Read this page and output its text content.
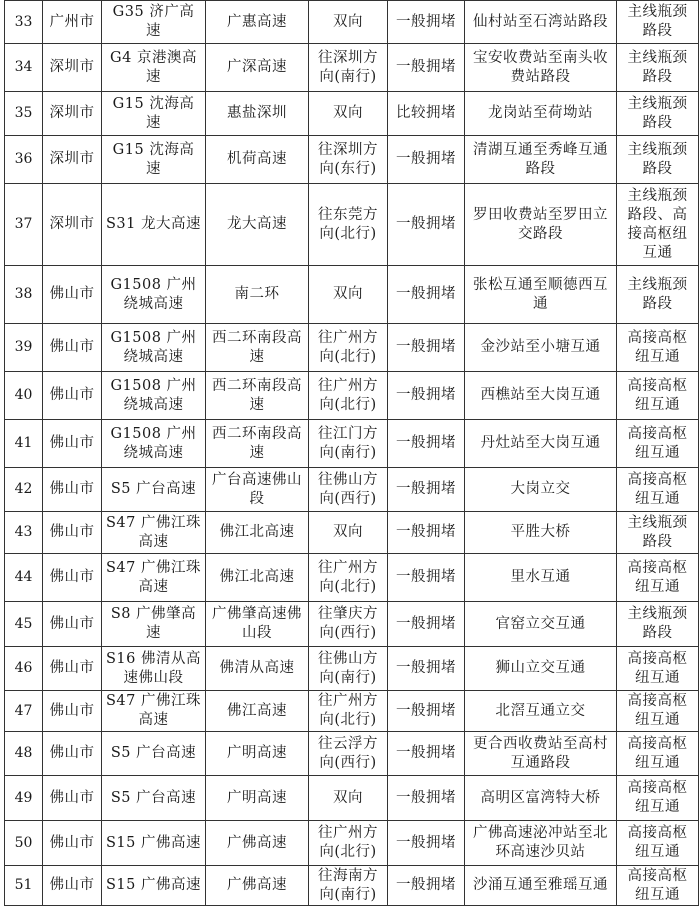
33	广州市	G35 济广高速	广惠高速	双向	一般拥堵	仙村站至石湾站路段	主线瓶颈路段
34	深圳市	G4 京港澳高速	广深高速	往深圳方向(南行)	一般拥堵	宝安收费站至南头收费站路段	主线瓶颈路段
35	深圳市	G15 沈海高速	惠盐深圳	双向	比较拥堵	龙岗站至荷坳站	主线瓶颈路段
36	深圳市	G15 沈海高速	机荷高速	往深圳方向(东行)	一般拥堵	清湖互通至秀峰互通路段	主线瓶颈路段
37	深圳市	S31 龙大高速	龙大高速	往东莞方向(北行)	一般拥堵	罗田收费站至罗田立交路段	主线瓶颈路段、高接高枢纽互通
38	佛山市	G1508 广州绕城高速	南二环	双向	一般拥堵	张松互通至顺德西互通	主线瓶颈路段
39	佛山市	G1508 广州绕城高速	西二环南段高速	往广州方向(北行)	一般拥堵	金沙站至小塘互通	高接高枢纽互通
40	佛山市	G1508 广州绕城高速	西二环南段高速	往广州方向(北行)	一般拥堵	西樵站至大岗互通	高接高枢纽互通
41	佛山市	G1508 广州绕城高速	西二环南段高速	往江门方向(南行)	一般拥堵	丹灶站至大岗互通	高接高枢纽互通
42	佛山市	S5 广台高速	广台高速佛山段	往佛山方向(西行)	一般拥堵	大岗立交	高接高枢纽互通
43	佛山市	S47 广佛江珠高速	佛江北高速	双向	一般拥堵	平胜大桥	主线瓶颈路段
44	佛山市	S47 广佛江珠高速	佛江北高速	往广州方向(北行)	一般拥堵	里水互通	高接高枢纽互通
45	佛山市	S8 广佛肇高速	广佛肇高速佛山段	往肇庆方向(西行)	一般拥堵	官窑立交互通	主线瓶颈路段
46	佛山市	S16 佛清从高速佛山段	佛清从高速	往佛山方向(南行)	一般拥堵	狮山立交互通	高接高枢纽互通
47	佛山市	S47 广佛江珠高速	佛江高速	往广州方向(北行)	一般拥堵	北滘互通立交	高接高枢纽互通
48	佛山市	S5 广台高速	广明高速	往云浮方向(西行)	一般拥堵	更合西收费站至高村互通路段	高接高枢纽互通
49	佛山市	S5 广台高速	广明高速	双向	一般拥堵	高明区富湾特大桥	高接高枢纽互通
50	佛山市	S15 广佛高速	广佛高速	往广州方向(北行)	一般拥堵	广佛高速泌冲站至北环高速沙贝站	高接高枢纽互通
51	佛山市	S15 广佛高速	广佛高速	往海南方向(南行)	一般拥堵	沙涌互通至雅瑶互通	高接高枢纽互通
